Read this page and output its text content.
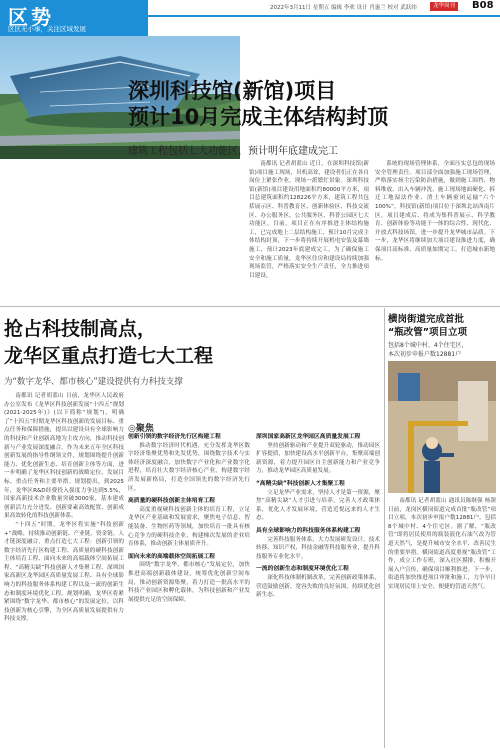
区势
区区无小事，关注区域发展
2022年3月11日 星期五 编辑 李欢 设计 肖惠兰 校对 武跃纬	龙华周刊	B08
深圳科技馆(新馆)项目效果图。
深圳科技馆(新馆)项目
预计10月完成主体结构封顶
建筑工程包括七大功能区，预计明年底建成完工

南都讯 记者胡蓝山 近日，在深圳科技馆(新馆)项目施工现场，吊机高耸，建设者们正在各自岗位上紧张作业，现场一派繁忙景象。深圳科技馆(新馆)项目建设用地面积约80000平方米，项目总建筑面积约128226平方米，建筑工程共包括展示区、科普教育区、创新体验区、科技交流区、办公服务区、公共服务区、科普公园区七大功能区。目前，项目正在有序推进主体结构施工，已完成地上二层结构施工，预计10月完成主体结构封顶，下一步将持续开展机电安装及幕墙施工，预计2023年底建成完工。为了确保施工安全和施工质量，龙华区住房和建设局持续加强现场监管，严格落实安全生产责任，全力推进项目建设。

系统的现场管理体系，全面压实总包的现场安全管理责任。项目部全面加强施工现场管理，严格落实扬尘污染防治措施，做到施工围挡、物料堆放、出入车辆冲洗、施工现场地面硬化、拆迁工地湿法作业、渣土车辆密闭运输“六个100%”。科技馆(新馆)项目位于深圳北站西南片区，项目建成后，将成为集科普展示、科学教育、创新体验等功能于一体的综合性、现代化、开放式科技场馆，进一步提升龙华城市品质。下一步，龙华区将继续加大项目建设推进力度，确保项目高标准、高质量如期完工，打造城市新地标。

抢占科技制高点，
龙华区重点打造七大工程
为“数字龙华、都市核心”建设提供有力科技支撑

南都讯 记者胡蓝山 日前，龙华区人民政府办公室发布《龙华区科技创新发展“十四五”规划(2021-2025年)》(以下简称“规划”)，明确了“十四五”时期龙华区科技创新的发展目标、重点任务和保障措施，提出以建设具有全球影响力的科技和产业创新高地为主攻方向，推动科技创新与产业发展深度融合。作为未来五年全区科技创新发展的指导性纲领文件，规划围绕提升创新能力、优化创新生态、培育创新主体等方面，进一步明确了龙华区科技创新的战略定位、发展目标、重点任务和主要举措。规划提出，到2025年，龙华区R&D经费投入强度力争达到5.5%，国家高新技术企业数量突破3000家，基本建成创新活力充分迸发、创新要素高效配置、创新成果高效转化的科技创新体系。

“十四五”时期，龙华区将实施“科技创新+”战略，持续推动创新链、产业链、资金链、人才链深度融合，重点打造七大工程：创新引领的数字经济先行区构建工程、高质量的硬科技创新主体培育工程、面向未来的高端载体空间拓展工程、“高精尖缺”科技创新人才集聚工程、深圳国家高新区龙华园区高质量发展工程、具有全球影响力的科技服务体系构建工程以及一流的创新生态和制度环境优化工程。规划明确，龙华区将紧紧围绕“数字龙华、都市核心”的发展定位，以科技创新为核心引擎，为全区高质量发展提供有力科技支撑。

◎聚焦
创新引领的数字经济先行区构建工程

推动数字经济时代机遇，充分发挥龙华区数字经济集聚优势和先发优势，围绕数字技术与实体经济深度融合，加快数字产业化和产业数字化进程，培育壮大数字经济核心产业，构建数字经济发展新格局，打造全国领先的数字经济先行区。

高质量的硬科技创新主体培育工程

高度重视硬科技创新主体的培育工程，立足龙华区产业基础和发展需求，聚焦电子信息、智能装备、生物医药等领域，加快培育一批具有核心竞争力的硬科技企业，构建梯次发展的企业培育体系，推动创新主体量质齐升。

面向未来的高端载体空间拓展工程

围绕“数字龙华、都市核心”发展定位，加快推进高端创新载体建设，统筹优化创新空间布局，推动创新资源集聚，着力打造一批高水平的科技产业园区和孵化载体，为科技创新和产业发展提供充足的空间保障。

深圳国家高新区龙华园区高质量发展工程

坚持创新驱动和产业提升双轮驱动，推动园区扩容提质，加快建设高水平创新平台，集聚高端创新资源，着力提升园区自主创新能力和产业竞争力，推动龙华园区高质量发展。

“高精尖缺”科技创新人才集聚工程

立足龙华产业需求，坚持人才是第一资源，聚焦“高精尖缺”人才引进与培养，完善人才政策体系，优化人才发展环境，营造近悦远来的人才生态。

具有全球影响力的科技服务体系构建工程

完善科技服务体系，大力发展研发设计、技术转移、知识产权、科技金融等科技服务业，提升科技服务专业化水平。

一流的创新生态和制度环境优化工程

深化科技体制机制改革，完善创新政策体系，营造鼓励创新、宽容失败的良好氛围，持续优化创新生态。

横岗街道完成首批
“瓶改管”项目立项
包括8个城中村、4个住宅区，
本次初步申报户数12881户

南都讯 记者胡蓝山 通讯员陈继强 杨澍 日前，龙岗区横岗街道完成首批“瓶改管”项目立项，本次初步申报户数12881户，包括8个城中村、4个住宅区。据了解，“瓶改管”即将居民使用的瓶装液化石油气改为管道天然气，是提升城市安全水平、改善民生的重要举措。横岗街道高度重视“瓶改管”工作，成立工作专班，深入社区摸排，积极开展入户宣传，确保项目顺利推进。下一步，街道将加快推进项目审批和施工，力争早日实现居民用上安全、便捷的管道天然气。
